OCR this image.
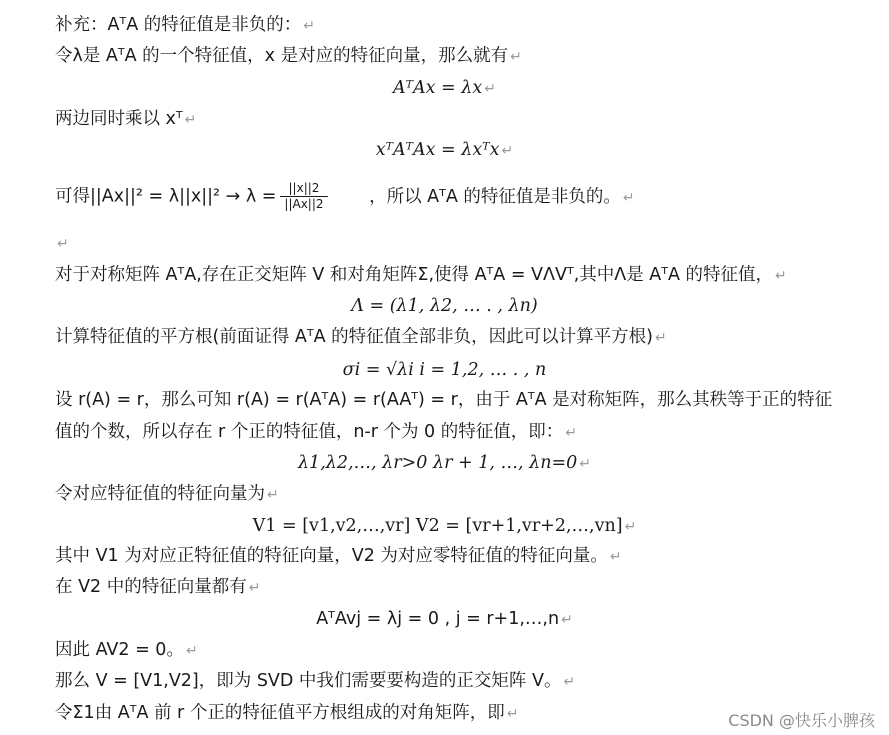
补充：AᵀA 的特征值是非负的： ↵
令λ是 AᵀA 的一个特征值，x 是对应的特征向量，那么就有 ↵
AᵀAx = λx ↵
两边同时乘以 xᵀ ↵
xᵀAᵀAx = λxᵀx ↵
可得$||Ax||^2 = \lambda||x||^2 \to \lambda = \frac{||x||2}{||Ax||2}$ ，所以 AᵀA 的特征值是非负的。 ↵
↵
对于对称矩阵 AᵀA,存在正交矩阵 V 和对角矩阵Σ,使得 AᵀA = VΛVᵀ,其中Λ是 AᵀA 的特征值， ↵
Λ = (λ1, λ2, … . , λn)
计算特征值的平方根(前面证得 AᵀA 的特征值全部非负，因此可以计算平方根) ↵
σi = √λi i = 1,2, … . , n
设 r(A) = r，那么可知 r(A) = r(AᵀA) = r(AAᵀ) = r，由于 AᵀA 是对称矩阵，那么其秩等于正的特征
值的个数，所以存在 r 个正的特征值，n-r 个为 0 的特征值，即： ↵
λ1,λ2,…, λr>0 λr + 1, …, λn=0 ↵
令对应特征值的特征向量为 ↵
V1 = [v1,v2,…,vr] V2 = [vr+1,vr+2,…,vn] ↵
其中 V1 为对应正特征值的特征向量，V2 为对应零特征值的特征向量。 ↵
在 V2 中的特征向量都有 ↵
AᵀAvj = λj = 0 , j = r+1,…,n ↵
因此 AV2 = 0。 ↵
那么 V = [V1,V2]，即为 SVD 中我们需要要构造的正交矩阵 V。 ↵
令Σ1由 AᵀA 前 r 个正的特征值平方根组成的对角矩阵，即 ↵	CSDN @快乐小脾孩
